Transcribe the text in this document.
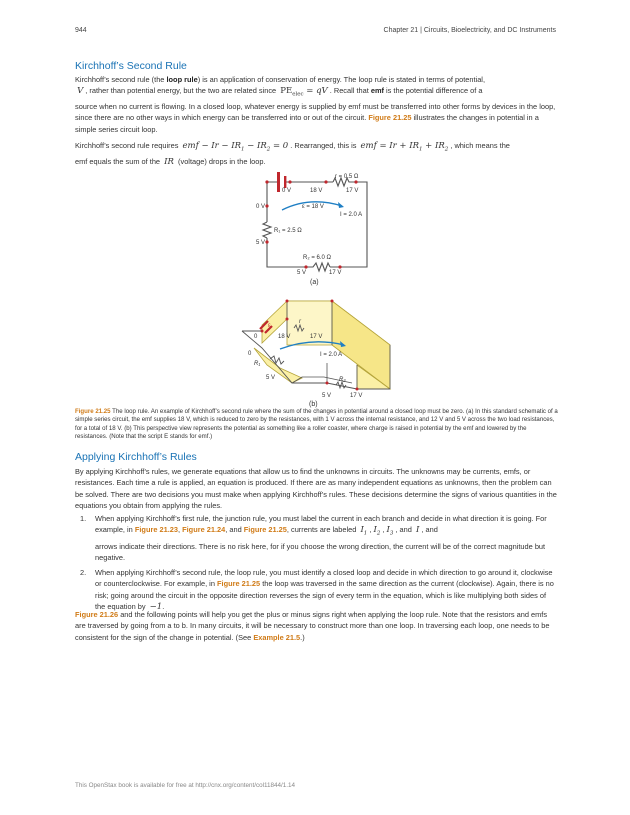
944	Chapter 21 | Circuits, Bioelectricity, and DC Instruments
Kirchhoff’s Second Rule

Kirchhoff’s second rule (the loop rule) is an application of conservation of energy. The loop rule is stated in terms of potential,
V , rather than potential energy, but the two are related since $PE_{elec}$ = qV . Recall that emf is the potential difference of a

source when no current is flowing. In a closed loop, whatever energy is supplied by emf must be transferred into other forms by devices in the loop, since there are no other ways in which energy can be transferred into or out of the circuit. Figure 21.25 illustrates the changes in potential in a simple series circuit loop.

Kirchhoff’s second rule requires emf − $Ir - IR_1 - IR_2 = 0$ . Rearranged, this is emf = $Ir + IR_1 + IR_2$ , which means the
emf equals the sum of the IR (voltage) drops in the loop.

r = 0.5 Ω
0 V	18 V	17 V
ε = 18 V
I = 2.0 A
0 V
R₁ = 2.5 Ω
5 V
R₂ = 6.0 Ω
5 V	17 V
(a)
ε
r
0	18 V	17 V
I = 2.0 A
0
R₁
5 V	R₂
5 V	17 V
(b)
Figure 21.25 The loop rule. An example of Kirchhoff’s second rule where the sum of the changes in potential around a closed loop must be zero. (a) In this standard schematic of a simple series circuit, the emf supplies 18 V, which is reduced to zero by the resistances, with 1 V across the internal resistance, and 12 V and 5 V across the two load resistances, for a total of 18 V. (b) This perspective view represents the potential as something like a roller coaster, where charge is raised in potential by the emf and lowered by the resistances. (Note that the script E stands for emf.)
Applying Kirchhoff’s Rules

By applying Kirchhoff’s rules, we generate equations that allow us to find the unknowns in circuits. The unknowns may be currents, emfs, or resistances. Each time a rule is applied, an equation is produced. If there are as many independent equations as unknowns, then the problem can be solved. There are two decisions you must make when applying Kirchhoff’s rules. These decisions determine the signs of various quantities in the equations you obtain from applying the rules.

1.	When applying Kirchhoff’s first rule, the junction rule, you must label the current in each branch and decide in what direction it is going. For example, in Figure 21.23, Figure 21.24, and Figure 21.25, currents are labeled $I_1$ , $I_2$ , $I_3$ , and I , and
arrows indicate their directions. There is no risk here, for if you choose the wrong direction, the current will be of the correct magnitude but negative.
2.	When applying Kirchhoff’s second rule, the loop rule, you must identify a closed loop and decide in which direction to go around it, clockwise or counterclockwise. For example, in Figure 21.25 the loop was traversed in the same direction as the current (clockwise). Again, there is no risk; going around the circuit in the opposite direction reverses the sign of every term in the equation, which is like multiplying both sides of the equation by −1.

Figure 21.26 and the following points will help you get the plus or minus signs right when applying the loop rule. Note that the resistors and emfs are traversed by going from a to b. In many circuits, it will be necessary to construct more than one loop. In traversing each loop, one needs to be consistent for the sign of the change in potential. (See Example 21.5.)

This OpenStax book is available for free at http://cnx.org/content/col11844/1.14
